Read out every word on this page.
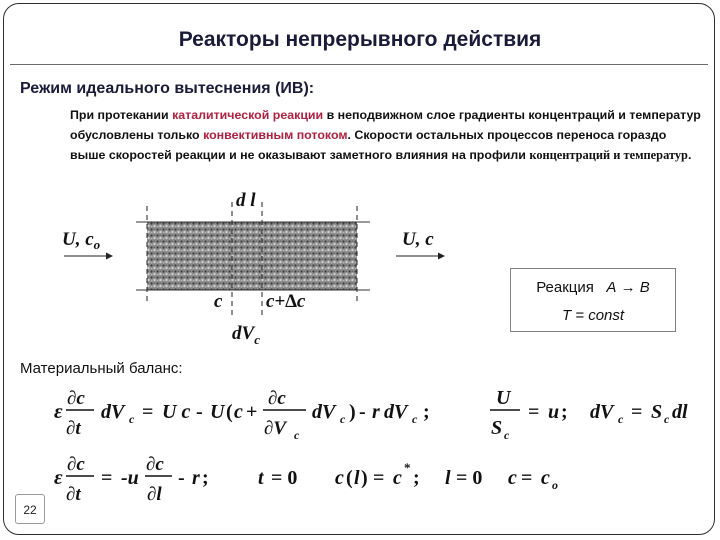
Реакторы непрерывного действия
Режим идеального вытеснения (ИВ):
При протекании каталитической реакции в неподвижном слое градиенты концентраций и температур обусловлены только конвективным потоком. Скорости остальных процессов переноса гораздо выше скоростей реакции и не оказывают заметного влияния на профили концентраций и температур.
d l
U, $c_o$	U, c
c c+∆c
$dV_c$
Реакция A → B
T = const
Материальный баланс:
ε
∂c
∂t
dV c = U c - U ( c +
∂c
∂V c
dV c ) - r dV c ;
U
S c
= u ; dV c = S c dl
ε
∂c
∂t
= -u
∂c
∂l
- r ; t = 0 c ( l ) = c * ; l = 0 c = c o
22
